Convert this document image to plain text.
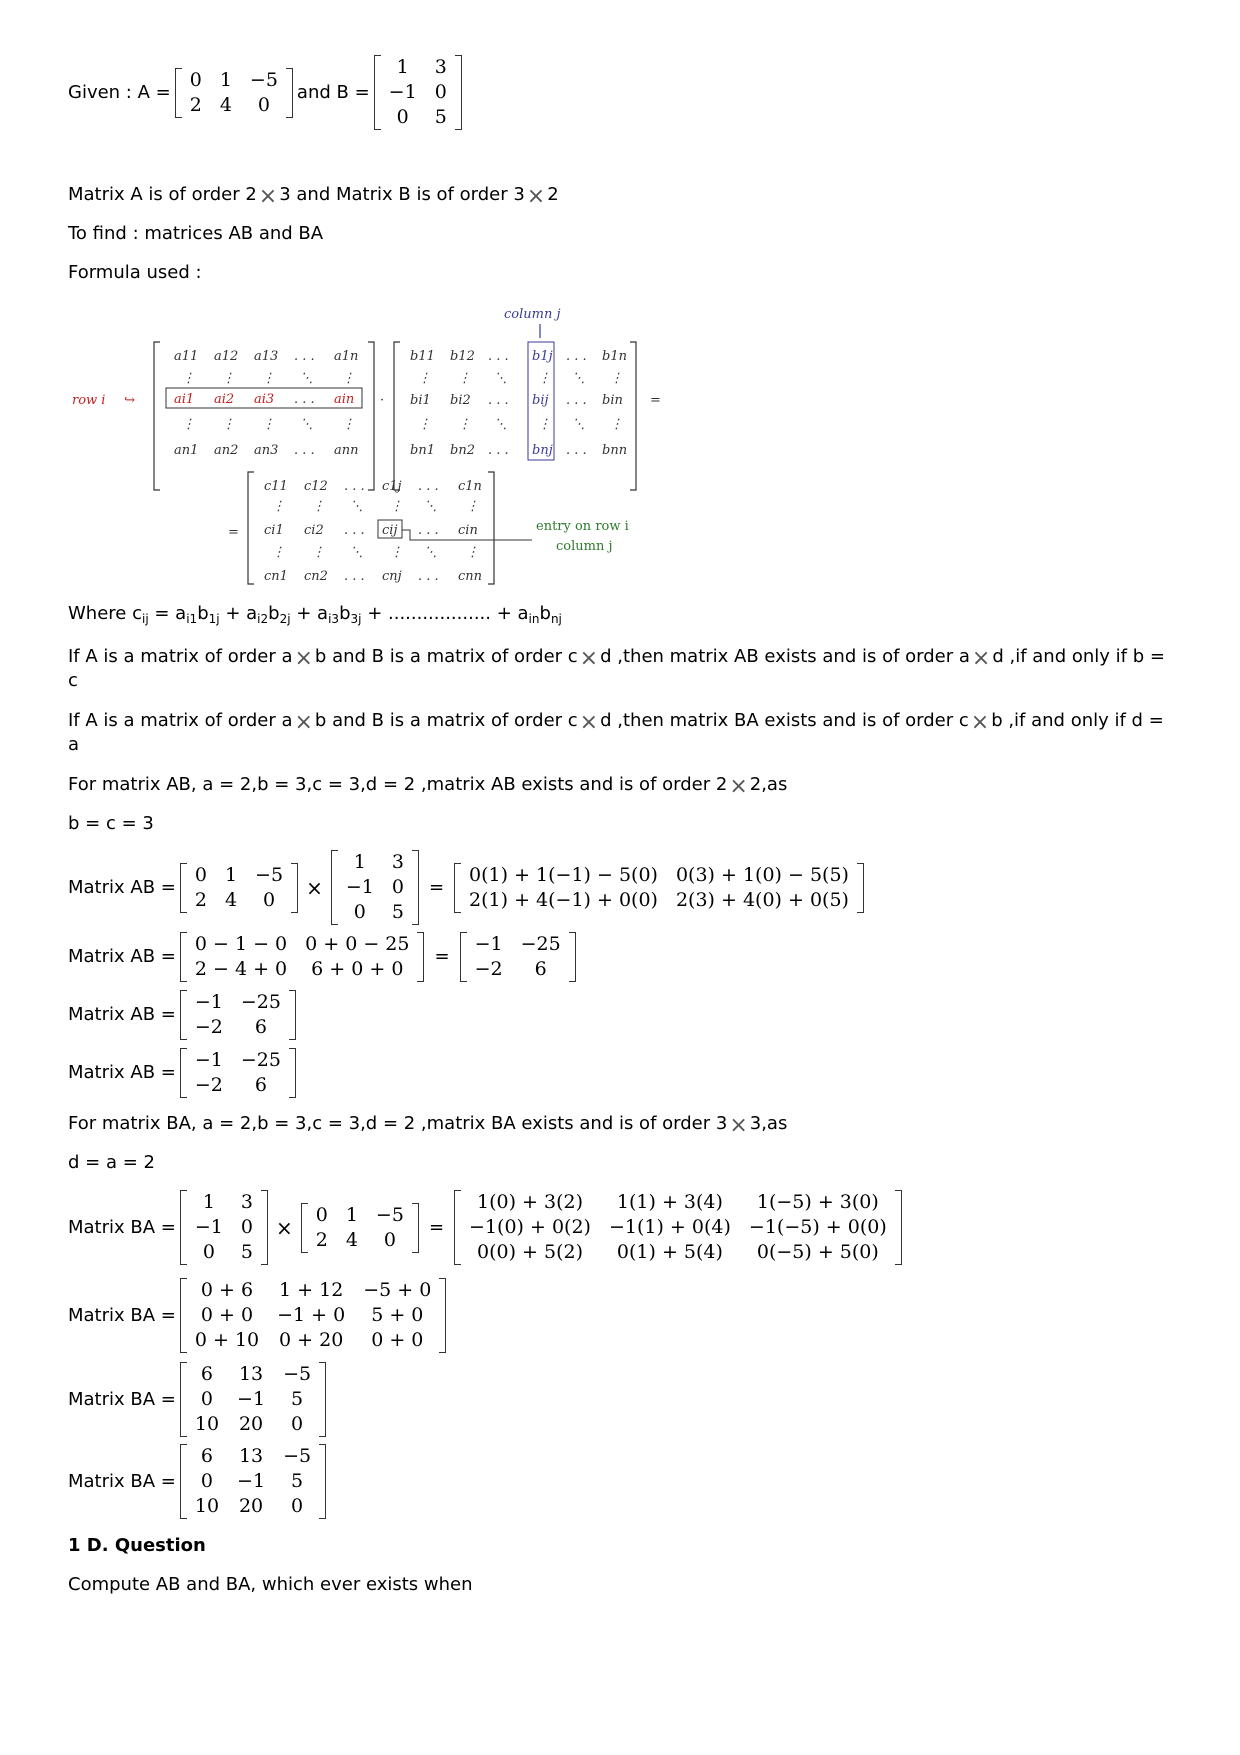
Given : A =
0	1	−5
2	4	0
and B =
1	3
−1	0
0	5
Matrix A is of order 2× 3 and Matrix B is of order 3× 2
To find : matrices AB and BA
Formula used :
column j
row i ↪
a11 a12 a13 . . . a1n
⋮ ⋮ ⋮ ⋱ ⋮
ai1 ai2 ai3 . . . ain
⋮ ⋮ ⋮ ⋱ ⋮
an1 an2 an3 . . . ann
·
b11 b12 . . . b1j . . . b1n
⋮ ⋮ ⋱ ⋮ ⋱ ⋮
bi1 bi2 . . . bij . . . bin
⋮ ⋮ ⋱ ⋮ ⋱ ⋮
bn1 bn2 . . . bnj . . . bnn
=
=
c11 c12 . . . c1j . . . c1n
⋮ ⋮ ⋱ ⋮ ⋱ ⋮
ci1 ci2 . . . cij . . . cin
⋮ ⋮ ⋱ ⋮ ⋱ ⋮
cn1 cn2 . . . cnj . . . cnn
entry on row i
column j
Where $c_{ij} = a_{i1}b_{1j} + a_{i2}b_{2j} + a_{i3}b_{3j}$ + .................. + $a_{in}b_{nj}$
If A is a matrix of order a× b and B is a matrix of order c× d ,then matrix AB exists and is of order a× d ,if and only if b = c
If A is a matrix of order a× b and B is a matrix of order c× d ,then matrix BA exists and is of order c× b ,if and only if d = a
For matrix AB, a = 2,b = 3,c = 3,d = 2 ,matrix AB exists and is of order 2× 2,as
b = c = 3
Matrix AB =
0	1	−5
2	4	0 ×
1	3
−1	0
0	5
=
0(1) + 1(−1) − 5(0)	0(3) + 1(0) − 5(5)
2(1) + 4(−1) + 0(0)	2(3) + 4(0) + 0(5)
Matrix AB =
0 − 1 − 0	0 + 0 − 25
2 − 4 + 0	6 + 0 + 0
=
−1	−25
−2	6
Matrix AB =
−1	−25
−2	6
Matrix AB =
−1	−25
−2	6
For matrix BA, a = 2,b = 3,c = 3,d = 2 ,matrix BA exists and is of order 3× 3,as
d = a = 2
Matrix BA =
1	3
−1	0
0	5
×
0	1	−5
2	4	0
=
1(0) + 3(2)	1(1) + 3(4)	1(−5) + 3(0)
−1(0) + 0(2)	−1(1) + 0(4)	−1(−5) + 0(0)
0(0) + 5(2)	0(1) + 5(4)	0(−5) + 5(0)
Matrix BA =
0 + 6	1 + 12	−5 + 0
0 + 0	−1 + 0	5 + 0
0 + 10	0 + 20	0 + 0
Matrix BA =
6	13	−5
0	−1	5
10	20	0
Matrix BA =
6	13	−5
0	−1	5
10	20	0
1 D. Question
Compute AB and BA, which ever exists when
